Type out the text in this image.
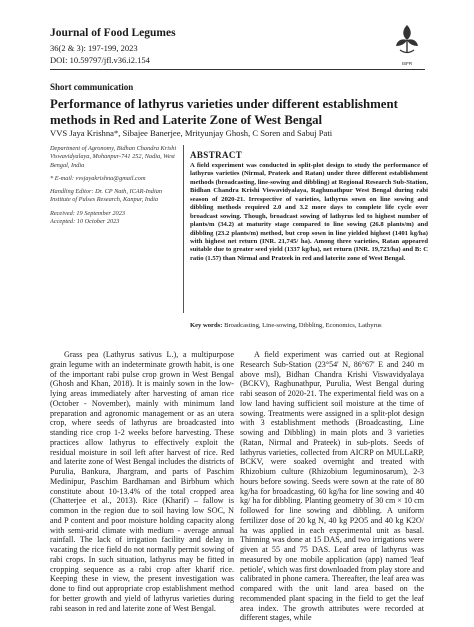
Journal of Food Legumes
36(2 & 3): 197-199, 2023
DOI: 10.59797/jfl.v36.i2.154	ISFR
Short communication
Performance of lathyrus varieties under different establishment methods in Red and Laterite Zone of West Bengal
VVS Jaya Krishna*, Sibajee Banerjee, Mrityunjay Ghosh, C Soren and Sabuj Pati

Department of Agronomy, Bidhan Chandra Krishi Viswavidyalaya, Mohanpur-741 252, Nadia, West Bengal, India

* E-mail: vvsjayakrishna@gmail.com

Handling Editor: Dr. CP Nath, ICAR-Indian Institute of Pulses Research, Kanpur, India

Received: 19 September 2023

Accepted: 10 October 2023

ABSTRACT
A field experiment was conducted in split-plot design to study the performance of lathyrus varieties (Nirmal, Prateek and Ratan) under three different establishment methods (broadcasting, line-sowing and dibbling) at Regional Research Sub-Station, Bidhan Chandra Krishi Viswavidyalaya, Raghunathpur West Bengal during rabi season of 2020-21. Irrespective of varieties, lathyrus sown on line sowing and dibbling methods required 2.0 and 3.2 more days to complete life cycle over broadcast sowing. Though, broadcast sowing of lathyrus led to highest number of plants/m (34.2) at maturity stage compared to line sowing (26.8 plants/m) and dibbling (23.2 plants/m) method, but crop sown in line yielded highest (1401 kg/ha) with highest net return (INR. 21,745/ ha). Among three varieties, Ratan appeared suitable due to greater seed yield (1337 kg/ha), net return (INR. 19,723/ha) and B: C ratio (1.57) than Nirmal and Prateek in red and laterite zone of West Bengal.
Key words: Broadcasting, Line-sowing, Dibbling, Economics, Lathyrus
Grass pea (Lathyrus sativus L.), a multipurpose grain legume with an indeterminate growth habit, is one of the important rabi pulse crop grown in West Bengal (Ghosh and Khan, 2018). It is mainly sown in the low-lying areas immediately after harvesting of aman rice (October - November), mainly with minimum land preparation and agronomic management or as an utera crop, where seeds of lathyrus are broadcasted into standing rice crop 1-2 weeks before harvesting. These practices allow lathyrus to effectively exploit the residual moisture in soil left after harvest of rice. Red and laterite zone of West Bengal includes the districts of Purulia, Bankura, Jhargram, and parts of Paschim Medinipur, Paschim Bardhaman and Birbhum which constitute about 10-13.4% of the total cropped area (Chatterjee et al., 2013). Rice (Kharif) – fallow is common in the region due to soil having low SOC, N and P content and poor moisture holding capacity along with semi-arid climate with medium - average annual rainfall. The lack of irrigation facility and delay in vacating the rice field do not normally permit sowing of rabi crops. In such situation, lathyrus may be fitted in cropping sequence as a rabi crop after kharif rice. Keeping these in view, the present investigation was done to find out appropriate crop establishment method for better growth and yield of lathyrus varieties during rabi season in red and laterite zone of West Bengal.
A field experiment was carried out at Regional Research Sub-Station (23°54' N, 86°67' E and 240 m above msl), Bidhan Chandra Krishi Viswavidyalaya (BCKV), Raghunathpur, Purulia, West Bengal during rabi season of 2020-21. The experimental field was on a low land having sufficient soil moisture at the time of sowing. Treatments were assigned in a split-plot design with 3 establishment methods (Broadcasting, Line sowing and Dibbling) in main plots and 3 varieties (Ratan, Nirmal and Prateek) in sub-plots. Seeds of lathyrus varieties, collected from AICRP on MULLaRP, BCKV, were soaked overnight and treated with Rhizobium culture (Rhizobium leguminosarum), 2-3 hours before sowing. Seeds were sown at the rate of 80 kg/ha for broadcasting, 60 kg/ha for line sowing and 40 kg/ ha for dibbling. Planting geometry of 30 cm × 10 cm followed for line sowing and dibbling. A uniform fertilizer dose of 20 kg N, 40 kg P2O5 and 40 kg K2O/ ha was applied in each experimental unit as basal. Thinning was done at 15 DAS, and two irrigations were given at 55 and 75 DAS. Leaf area of lathyrus was measured by one mobile application (app) named 'leaf petiole', which was first downloaded from play store and calibrated in phone camera. Thereafter, the leaf area was compared with the unit land area based on the recommended plant spacing in the field to get the leaf area index. The growth attributes were recorded at different stages, while
